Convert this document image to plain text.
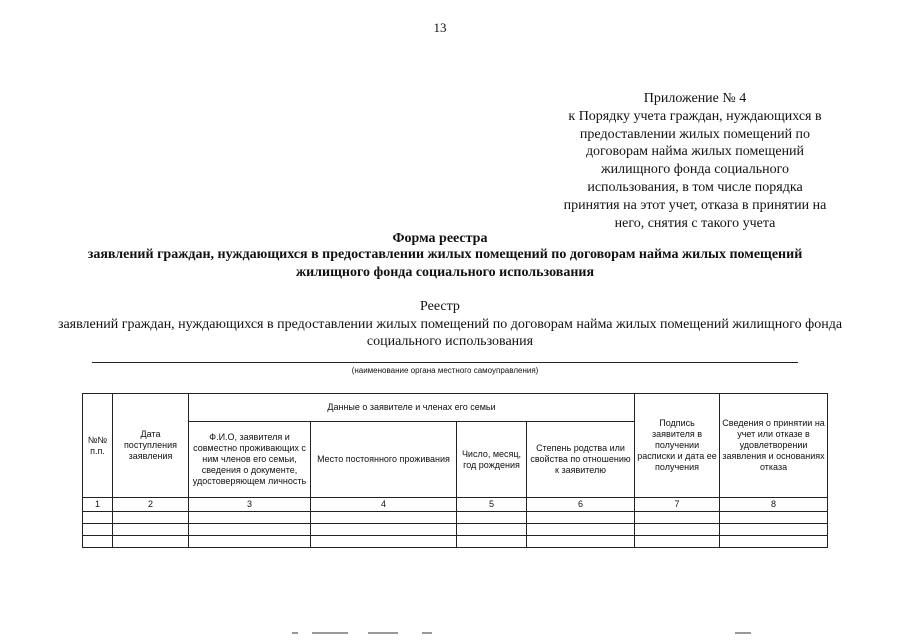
13
Приложение № 4
к Порядку учета граждан, нуждающихся в
предоставлении жилых помещений по
договорам найма жилых помещений
жилищного фонда социального
использования, в том числе порядка
принятия на этот учет, отказа в принятии на
него, снятия с такого учета
Форма реестра
заявлений граждан, нуждающихся в предоставлении жилых помещений по договорам найма жилых помещений жилищного фонда социального использования
Реестр
заявлений граждан, нуждающихся в предоставлении жилых помещений по договорам найма жилых помещений жилищного фонда социального использования
(наименование органа местного самоуправления)
№№ п.п.	Дата поступления заявления	Данные о заявителе и членах его семьи				Подпись заявителя в получении расписки и дата ее получения	Сведения о принятии на учет или отказе в удовлетворении заявления и основаниях отказа
		Ф.И.О, заявителя и совместно проживающих с ним членов его семьи, сведения о документе, удостоверяющем личность	Место постоянного проживания	Число, месяц, год рождения	Степень родства или свойства по отношению к заявителю		
1	2	3	4	5	6	7	8
